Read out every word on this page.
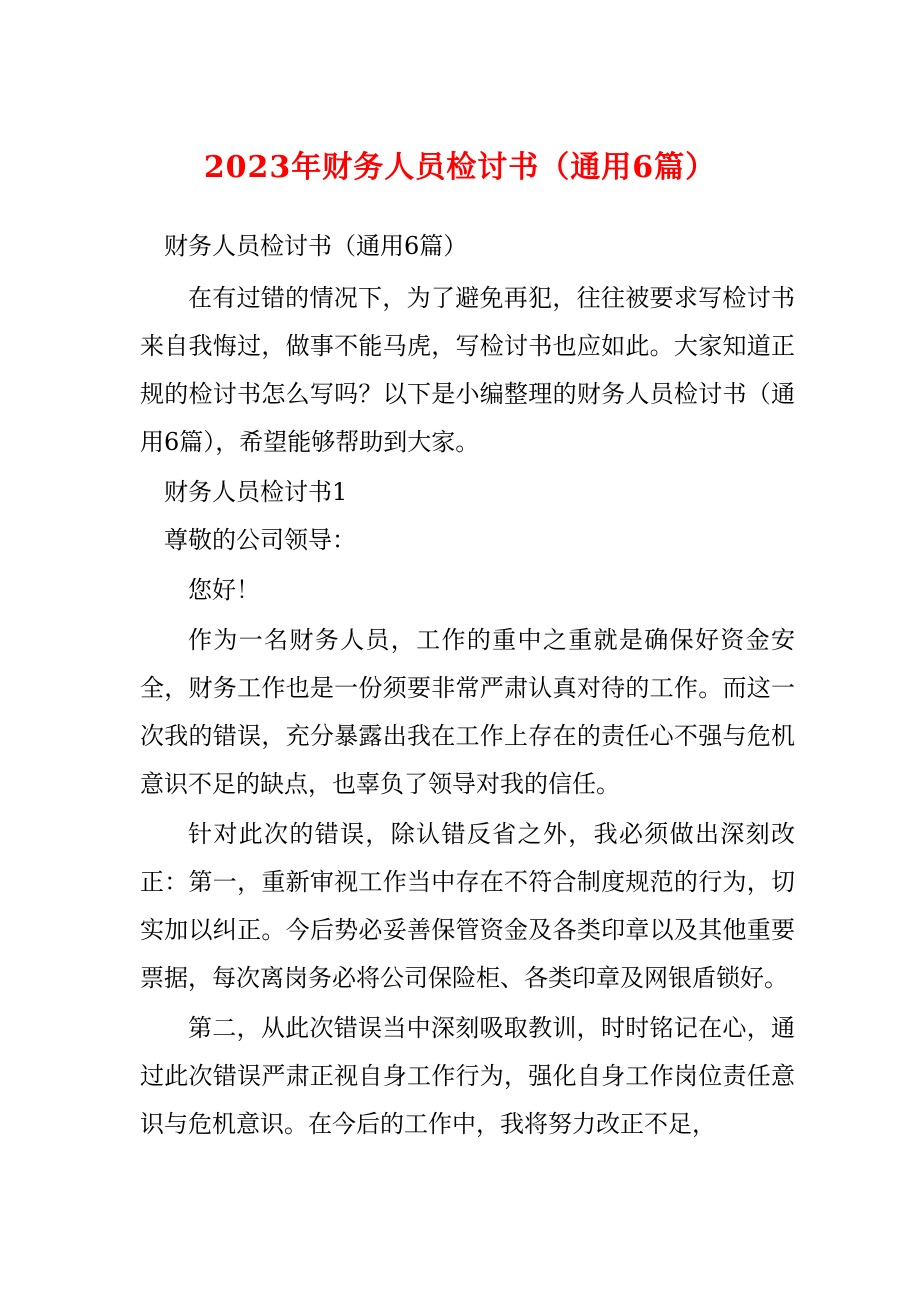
2023年财务人员检讨书（通用6篇）

财务人员检讨书（通用6篇）

在有过错的情况下，为了避免再犯，往往被要求写检讨书来自我悔过，做事不能马虎，写检讨书也应如此。大家知道正规的检讨书怎么写吗？以下是小编整理的财务人员检讨书（通用6篇），希望能够帮助到大家。

财务人员检讨书1

尊敬的公司领导：

您好！

作为一名财务人员，工作的重中之重就是确保好资金安全，财务工作也是一份须要非常严肃认真对待的工作。而这一次我的错误，充分暴露出我在工作上存在的责任心不强与危机意识不足的缺点，也辜负了领导对我的信任。

针对此次的错误，除认错反省之外，我必须做出深刻改正：第一，重新审视工作当中存在不符合制度规范的行为，切实加以纠正。今后势必妥善保管资金及各类印章以及其他重要票据，每次离岗务必将公司保险柜、各类印章及网银盾锁好。

第二，从此次错误当中深刻吸取教训，时时铭记在心，通过此次错误严肃正视自身工作行为，强化自身工作岗位责任意识与危机意识。在今后的工作中，我将努力改正不足，
